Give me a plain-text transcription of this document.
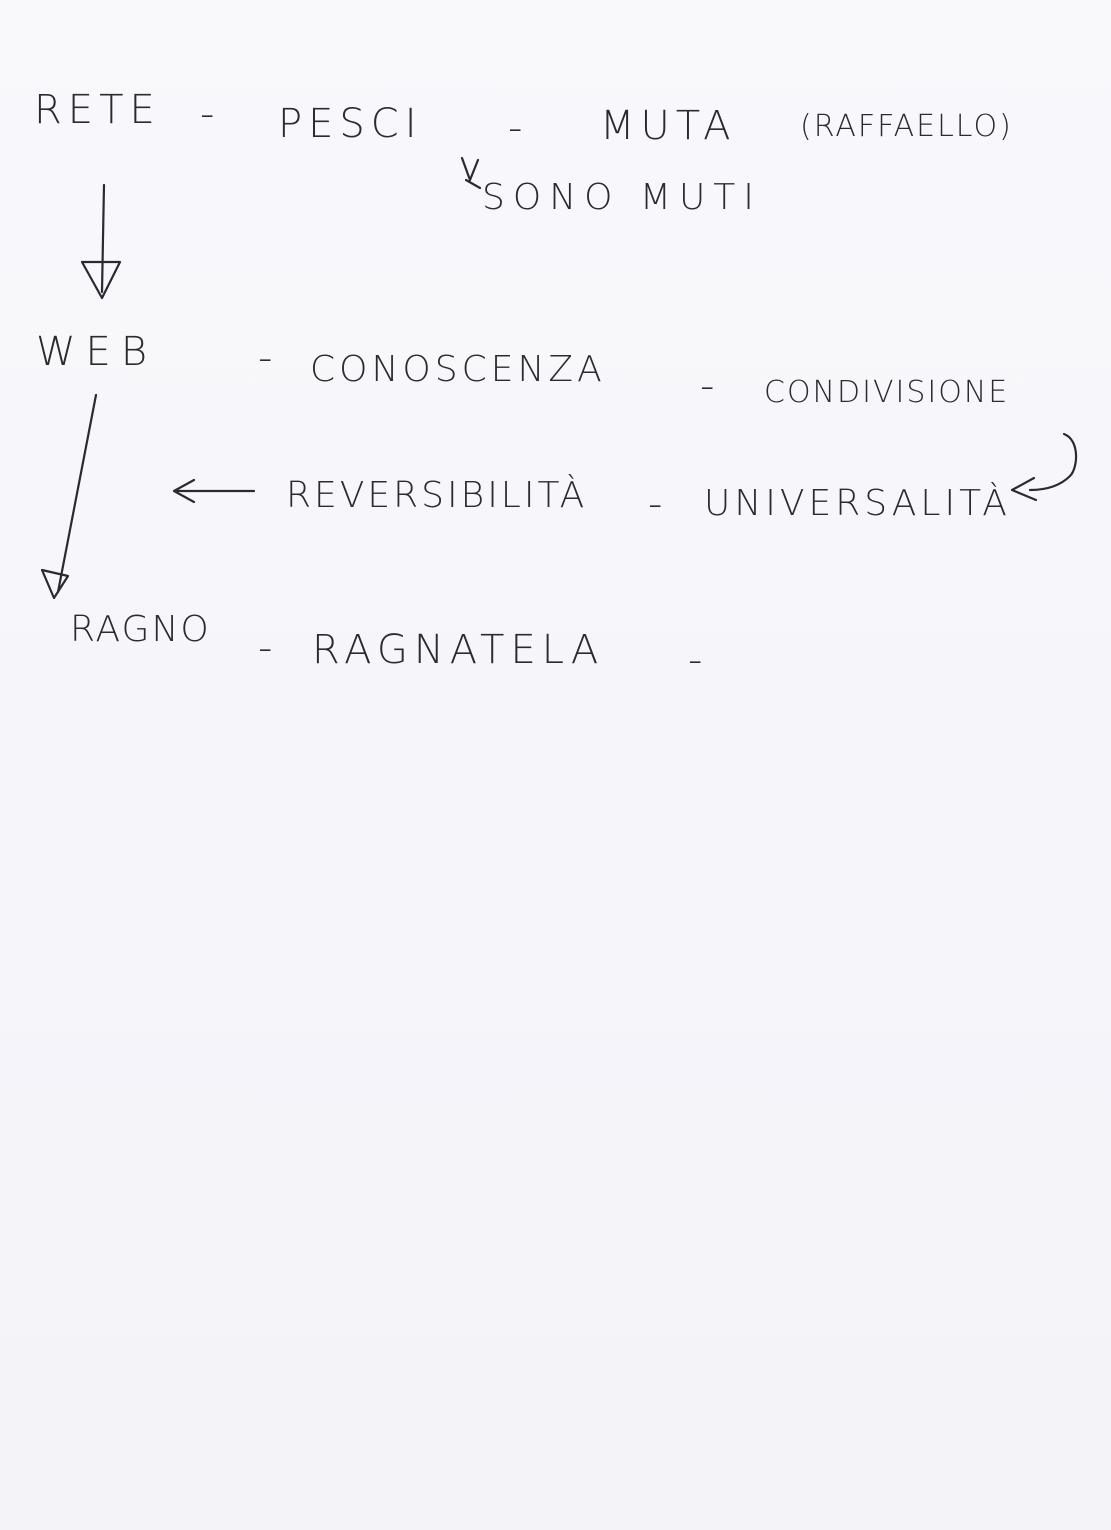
RETE - PESCI - MUTA (RAFFAELLO)
SONO MUTI
WEB	- CONOSCENZA - CONDIVISIONE
REVERSIBILITÀ - UNIVERSALITÀ
RAGNO - RAGNATELA -
